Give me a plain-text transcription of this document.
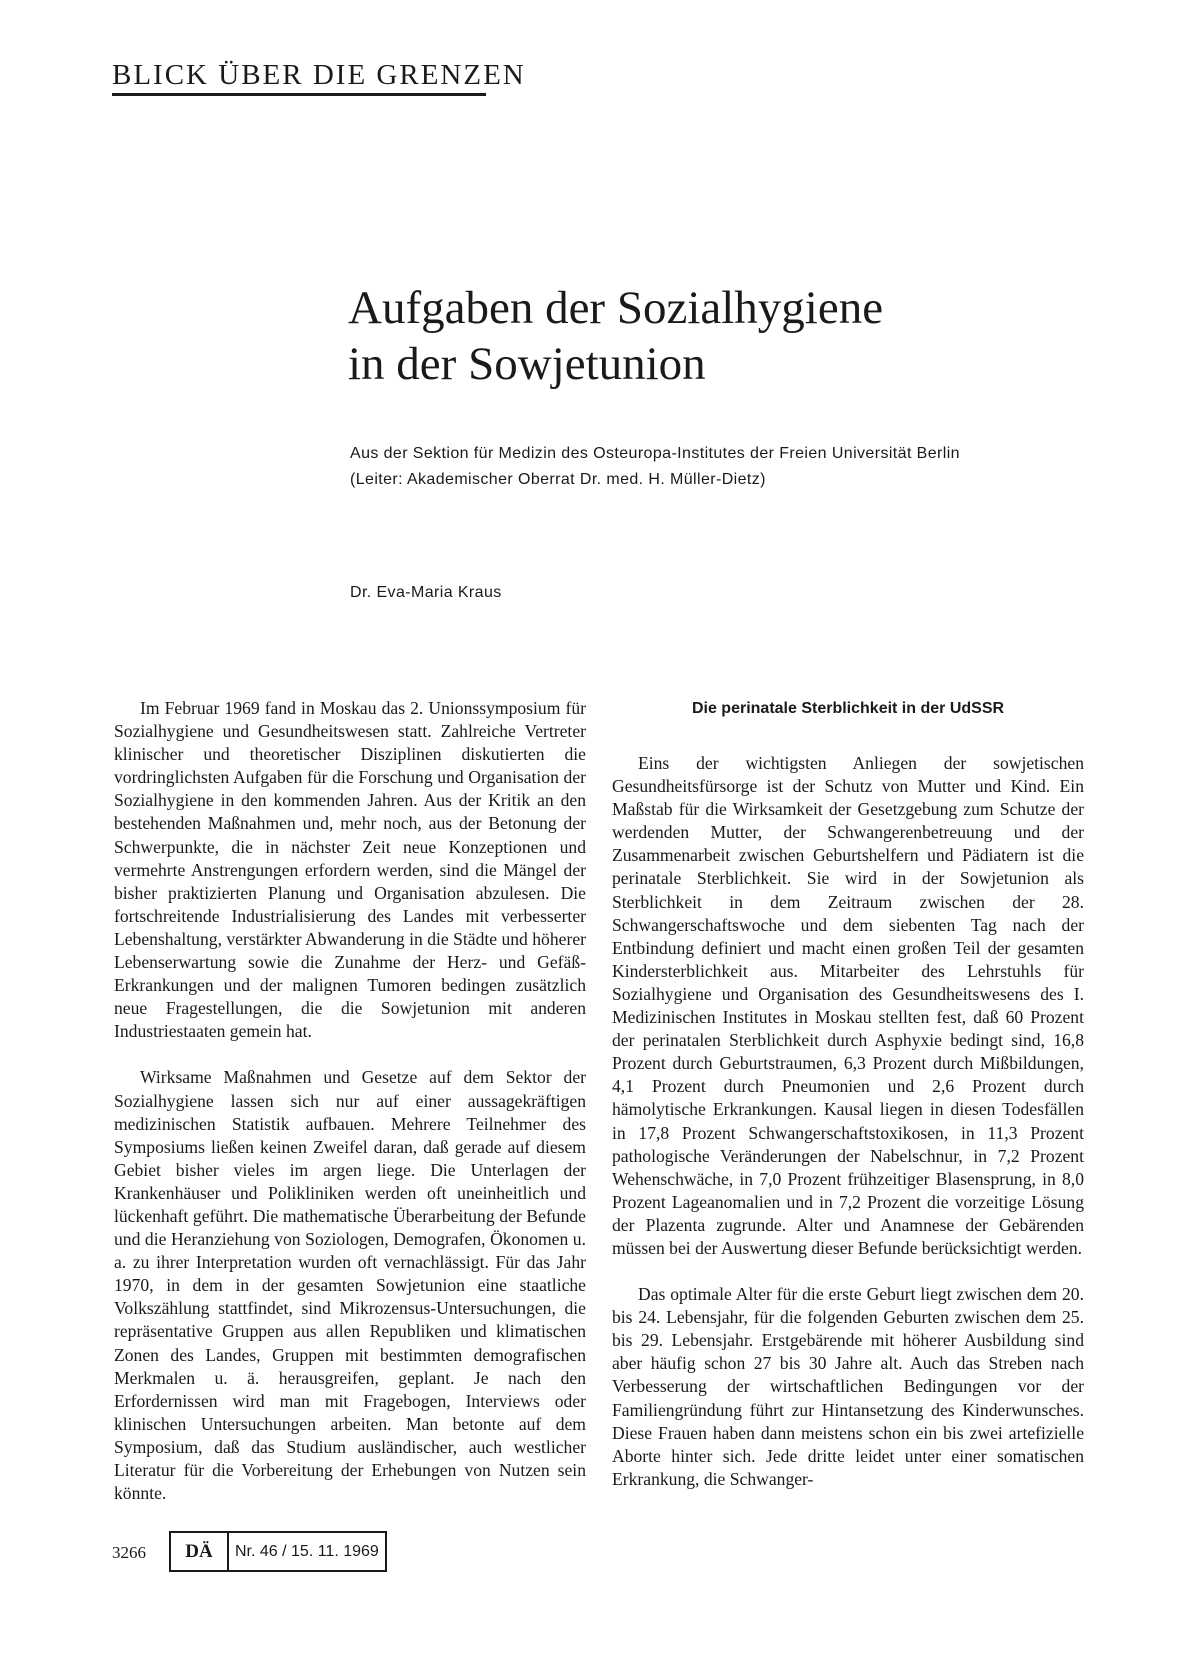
BLICK ÜBER DIE GRENZEN
Aufgaben der Sozialhygiene
in der Sowjetunion
Aus der Sektion für Medizin des Osteuropa-Institutes der Freien Universität Berlin
(Leiter: Akademischer Oberrat Dr. med. H. Müller-Dietz)
Dr. Eva-Maria Kraus

Im Februar 1969 fand in Moskau das 2. Unionssymposium für Sozialhygiene und Gesundheitswesen statt. Zahlreiche Vertreter klinischer und theoretischer Disziplinen diskutierten die vordringlichsten Aufgaben für die Forschung und Organisation der Sozialhygiene in den kommenden Jahren. Aus der Kritik an den bestehenden Maßnahmen und, mehr noch, aus der Betonung der Schwerpunkte, die in nächster Zeit neue Konzeptionen und vermehrte Anstrengungen erfordern werden, sind die Mängel der bisher praktizierten Planung und Organisation abzulesen. Die fortschreitende Industrialisierung des Landes mit verbesserter Lebenshaltung, verstärkter Abwanderung in die Städte und höherer Lebenserwartung sowie die Zunahme der Herz- und Gefäß-Erkrankungen und der malignen Tumoren bedingen zusätzlich neue Fragestellungen, die die Sowjetunion mit anderen Industriestaaten gemein hat.

Wirksame Maßnahmen und Gesetze auf dem Sektor der Sozialhygiene lassen sich nur auf einer aussagekräftigen medizinischen Statistik aufbauen. Mehrere Teilnehmer des Symposiums ließen keinen Zweifel daran, daß gerade auf diesem Gebiet bisher vieles im argen liege. Die Unterlagen der Krankenhäuser und Polikliniken werden oft uneinheitlich und lückenhaft geführt. Die mathematische Überarbeitung der Befunde und die Heranziehung von Soziologen, Demografen, Ökonomen u. a. zu ihrer Interpretation wurden oft vernachlässigt. Für das Jahr 1970, in dem in der gesamten Sowjetunion eine staatliche Volkszählung stattfindet, sind Mikrozensus-Untersuchungen, die repräsentative Gruppen aus allen Republiken und klimatischen Zonen des Landes, Gruppen mit bestimmten demografischen Merkmalen u. ä. herausgreifen, geplant. Je nach den Erfordernissen wird man mit Fragebogen, Interviews oder klinischen Untersuchungen arbeiten. Man betonte auf dem Symposium, daß das Studium ausländischer, auch westlicher Literatur für die Vorbereitung der Erhebungen von Nutzen sein könnte.

Die perinatale Sterblichkeit in der UdSSR

Eins der wichtigsten Anliegen der sowjetischen Gesundheitsfürsorge ist der Schutz von Mutter und Kind. Ein Maßstab für die Wirksamkeit der Gesetzgebung zum Schutze der werdenden Mutter, der Schwangerenbetreuung und der Zusammenarbeit zwischen Geburtshelfern und Pädiatern ist die perinatale Sterblichkeit. Sie wird in der Sowjetunion als Sterblichkeit in dem Zeitraum zwischen der 28. Schwangerschaftswoche und dem siebenten Tag nach der Entbindung definiert und macht einen großen Teil der gesamten Kindersterblichkeit aus. Mitarbeiter des Lehrstuhls für Sozialhygiene und Organisation des Gesundheitswesens des I. Medizinischen Institutes in Moskau stellten fest, daß 60 Prozent der perinatalen Sterblichkeit durch Asphyxie bedingt sind, 16,8 Prozent durch Geburtstraumen, 6,3 Prozent durch Mißbildungen, 4,1 Prozent durch Pneumonien und 2,6 Prozent durch hämolytische Erkrankungen. Kausal liegen in diesen Todesfällen in 17,8 Prozent Schwangerschaftstoxikosen, in 11,3 Prozent pathologische Veränderungen der Nabelschnur, in 7,2 Prozent Wehenschwäche, in 7,0 Prozent frühzeitiger Blasensprung, in 8,0 Prozent Lageanomalien und in 7,2 Prozent die vorzeitige Lösung der Plazenta zugrunde. Alter und Anamnese der Gebärenden müssen bei der Auswertung dieser Befunde berücksichtigt werden.

Das optimale Alter für die erste Geburt liegt zwischen dem 20. bis 24. Lebensjahr, für die folgenden Geburten zwischen dem 25. bis 29. Lebensjahr. Erstgebärende mit höherer Ausbildung sind aber häufig schon 27 bis 30 Jahre alt. Auch das Streben nach Verbesserung der wirtschaftlichen Bedingungen vor der Familiengründung führt zur Hintansetzung des Kinderwunsches. Diese Frauen haben dann meistens schon ein bis zwei artefizielle Aborte hinter sich. Jede dritte leidet unter einer somatischen Erkrankung, die Schwanger-

3266	DÄ	Nr. 46 / 15. 11. 1969
